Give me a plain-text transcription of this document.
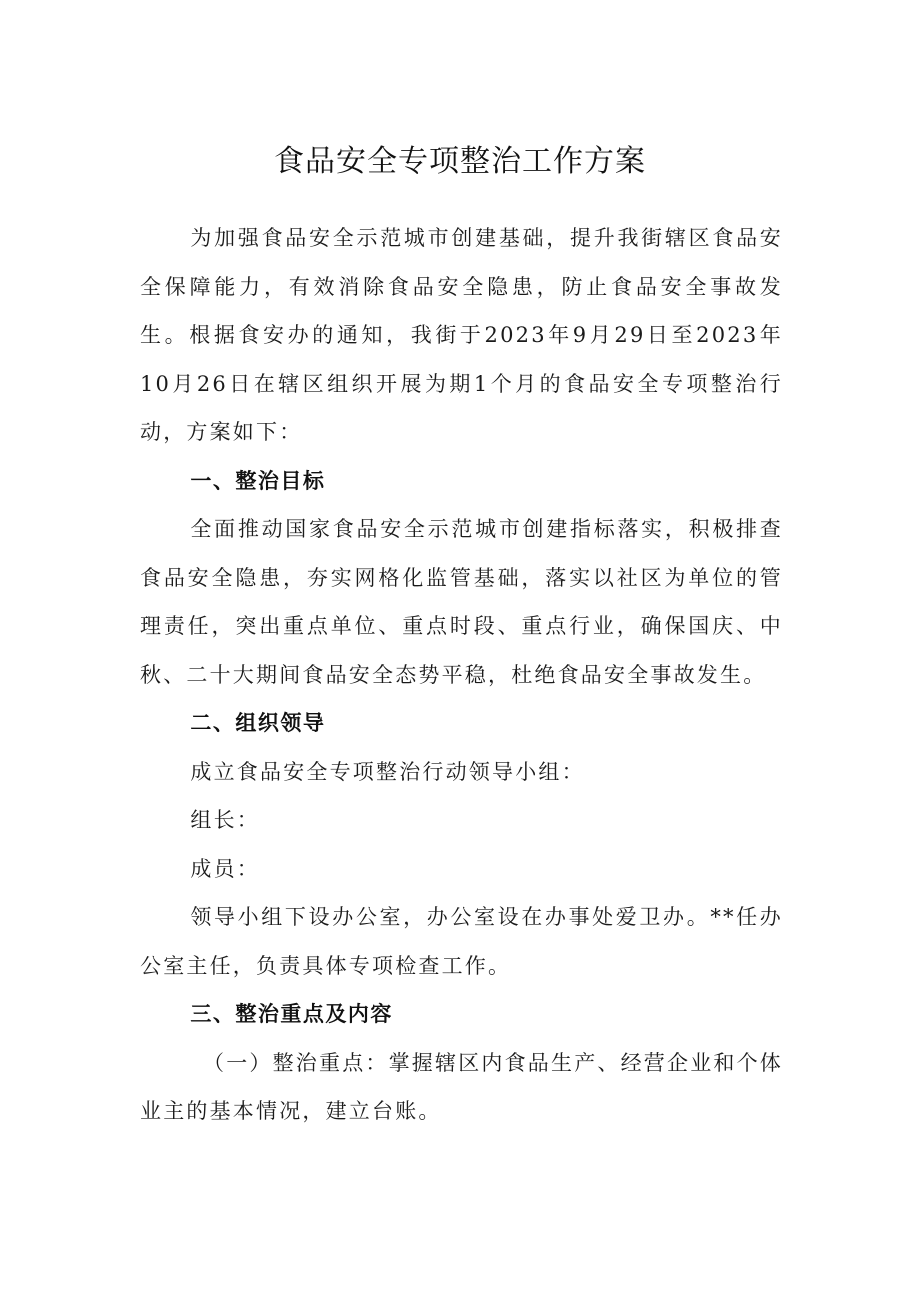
食品安全专项整治工作方案

为加强食品安全示范城市创建基础，提升我街辖区食品安全保障能力，有效消除食品安全隐患，防止食品安全事故发生。根据食安办的通知，我街于2023年9月29日至2023年10月26日在辖区组织开展为期1个月的食品安全专项整治行动，方案如下：

一、整治目标

全面推动国家食品安全示范城市创建指标落实，积极排查食品安全隐患，夯实网格化监管基础，落实以社区为单位的管理责任，突出重点单位、重点时段、重点行业，确保国庆、中秋、二十大期间食品安全态势平稳，杜绝食品安全事故发生。

二、组织领导

成立食品安全专项整治行动领导小组：

组长：

成员：

领导小组下设办公室，办公室设在办事处爱卫办。**任办公室主任，负责具体专项检查工作。

三、整治重点及内容

（一）整治重点：掌握辖区内食品生产、经营企业和个体业主的基本情况，建立台账。
